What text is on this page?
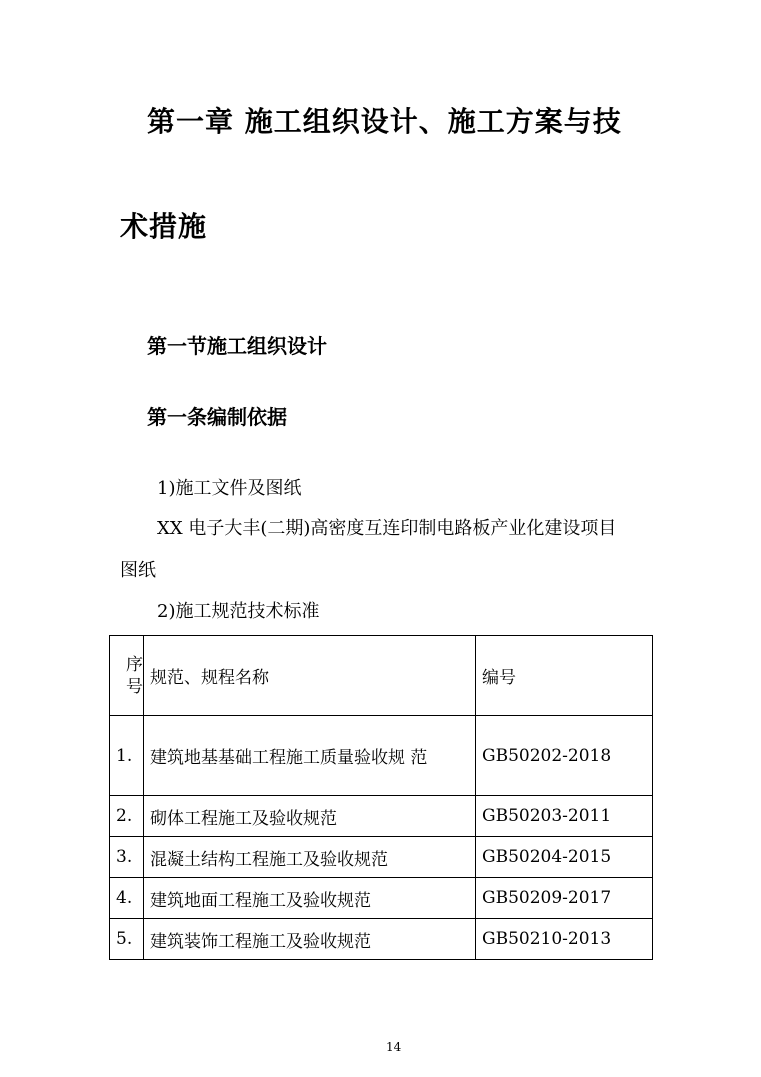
第一章 施工组织设计、施工方案与技
术措施
第一节施工组织设计
第一条编制依据
1)施工文件及图纸
XX 电子大丰(二期)高密度互连印制电路板产业化建设项目
图纸
2)施工规范技术标准
序
号	规范、规程名称	编号
1.	建筑地基基础工程施工质量验收规 范	GB50202-2018
2.	砌体工程施工及验收规范	GB50203-2011
3.	混凝土结构工程施工及验收规范	GB50204-2015
4.	建筑地面工程施工及验收规范	GB50209-2017
5.	建筑装饰工程施工及验收规范	GB50210-2013
14
